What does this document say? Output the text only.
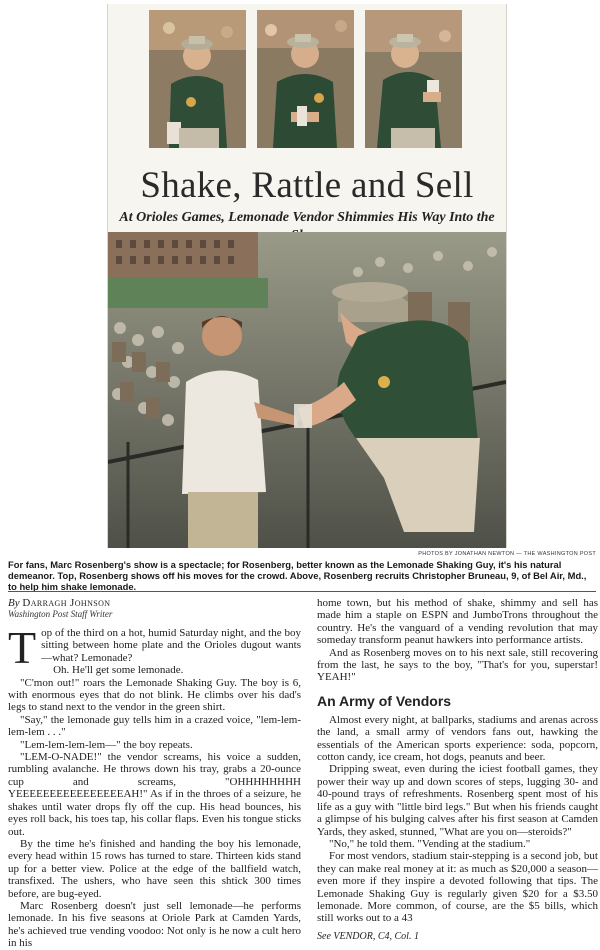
Shake, Rattle and Sell
At Orioles Games, Lemonade Vendor Shimmies His Way Into the
PHOTOS BY JONATHAN NEWTON — THE WASHINGTON POST
For fans, Marc Rosenberg's show is a spectacle; for Rosenberg, better known as the Lemonade Shaking Guy, it's his natural demeanor. Top, Rosenberg shows off his moves for the crowd. Above, Rosenberg recruits Christopher Bruneau, 9, of Bel Air, Md., to help him shake lemonade.
By Darragh Johnson
Washington Post Staff Writer

Top of the third on a hot, humid Saturday night, and the boy sitting between home plate and the Orioles dugout wants—what? Lemonade?

Oh. He'll get some lemonade.

"C'mon out!" roars the Lemonade Shaking Guy. The boy is 6, with enormous eyes that do not blink. He climbs over his dad's legs to stand next to the vendor in the green shirt.

"Say," the lemonade guy tells him in a crazed voice, "lem-lem-lem-lem . . ."

"Lem-lem-lem-lem—" the boy repeats.

"LEM-O-NADE!" the vendor screams, his voice a sudden, rumbling avalanche. He throws down his tray, grabs a 20-ounce cup and screams, "OHHHHHHHH YEEEEEEEEEEEEEEEEAH!" As if in the throes of a seizure, he shakes until water drops fly off the cup. His head bounces, his eyes roll back, his toes tap, his collar flaps. Even his tongue sticks out.

By the time he's finished and handing the boy his lemonade, every head within 15 rows has turned to stare. Thirteen kids stand up for a better view. Police at the edge of the ballfield watch, transfixed. The ushers, who have seen this shtick 300 times before, are bug-eyed.

Marc Rosenberg doesn't just sell lemonade—he performs lemonade. In his five seasons at Oriole Park at Camden Yards, he's achieved true vending voodoo: Not only is he now a cult hero in his

home town, but his method of shake, shimmy and sell has made him a staple on ESPN and JumboTrons throughout the country. He's the vanguard of a vending revolution that may someday transform peanut hawkers into performance artists.

And as Rosenberg moves on to his next sale, still recovering from the last, he says to the boy, "That's for you, superstar! YEAH!"

An Army of Vendors

Almost every night, at ballparks, stadiums and arenas across the land, a small army of vendors fans out, hawking the essentials of the American sports experience: soda, popcorn, cotton candy, ice cream, hot dogs, peanuts and beer.

Dripping sweat, even during the iciest football games, they power their way up and down scores of steps, lugging 30- and 40-pound trays of refreshments. Rosenberg spent most of his life as a guy with "little bird legs." But when his friends caught a glimpse of his bulging calves after his first season at Camden Yards, they asked, stunned, "What are you on—steroids?"

"No," he told them. "Vending at the stadium."

For most vendors, stadium stair-stepping is a second job, but they can make real money at it: as much as $20,000 a season—even more if they inspire a devoted following that tips. The Lemonade Shaking Guy is regularly given $20 for a $3.50 lemonade. More common, of course, are the $5 bills, which still works out to a 43

See VENDOR, C4, Col. 1
